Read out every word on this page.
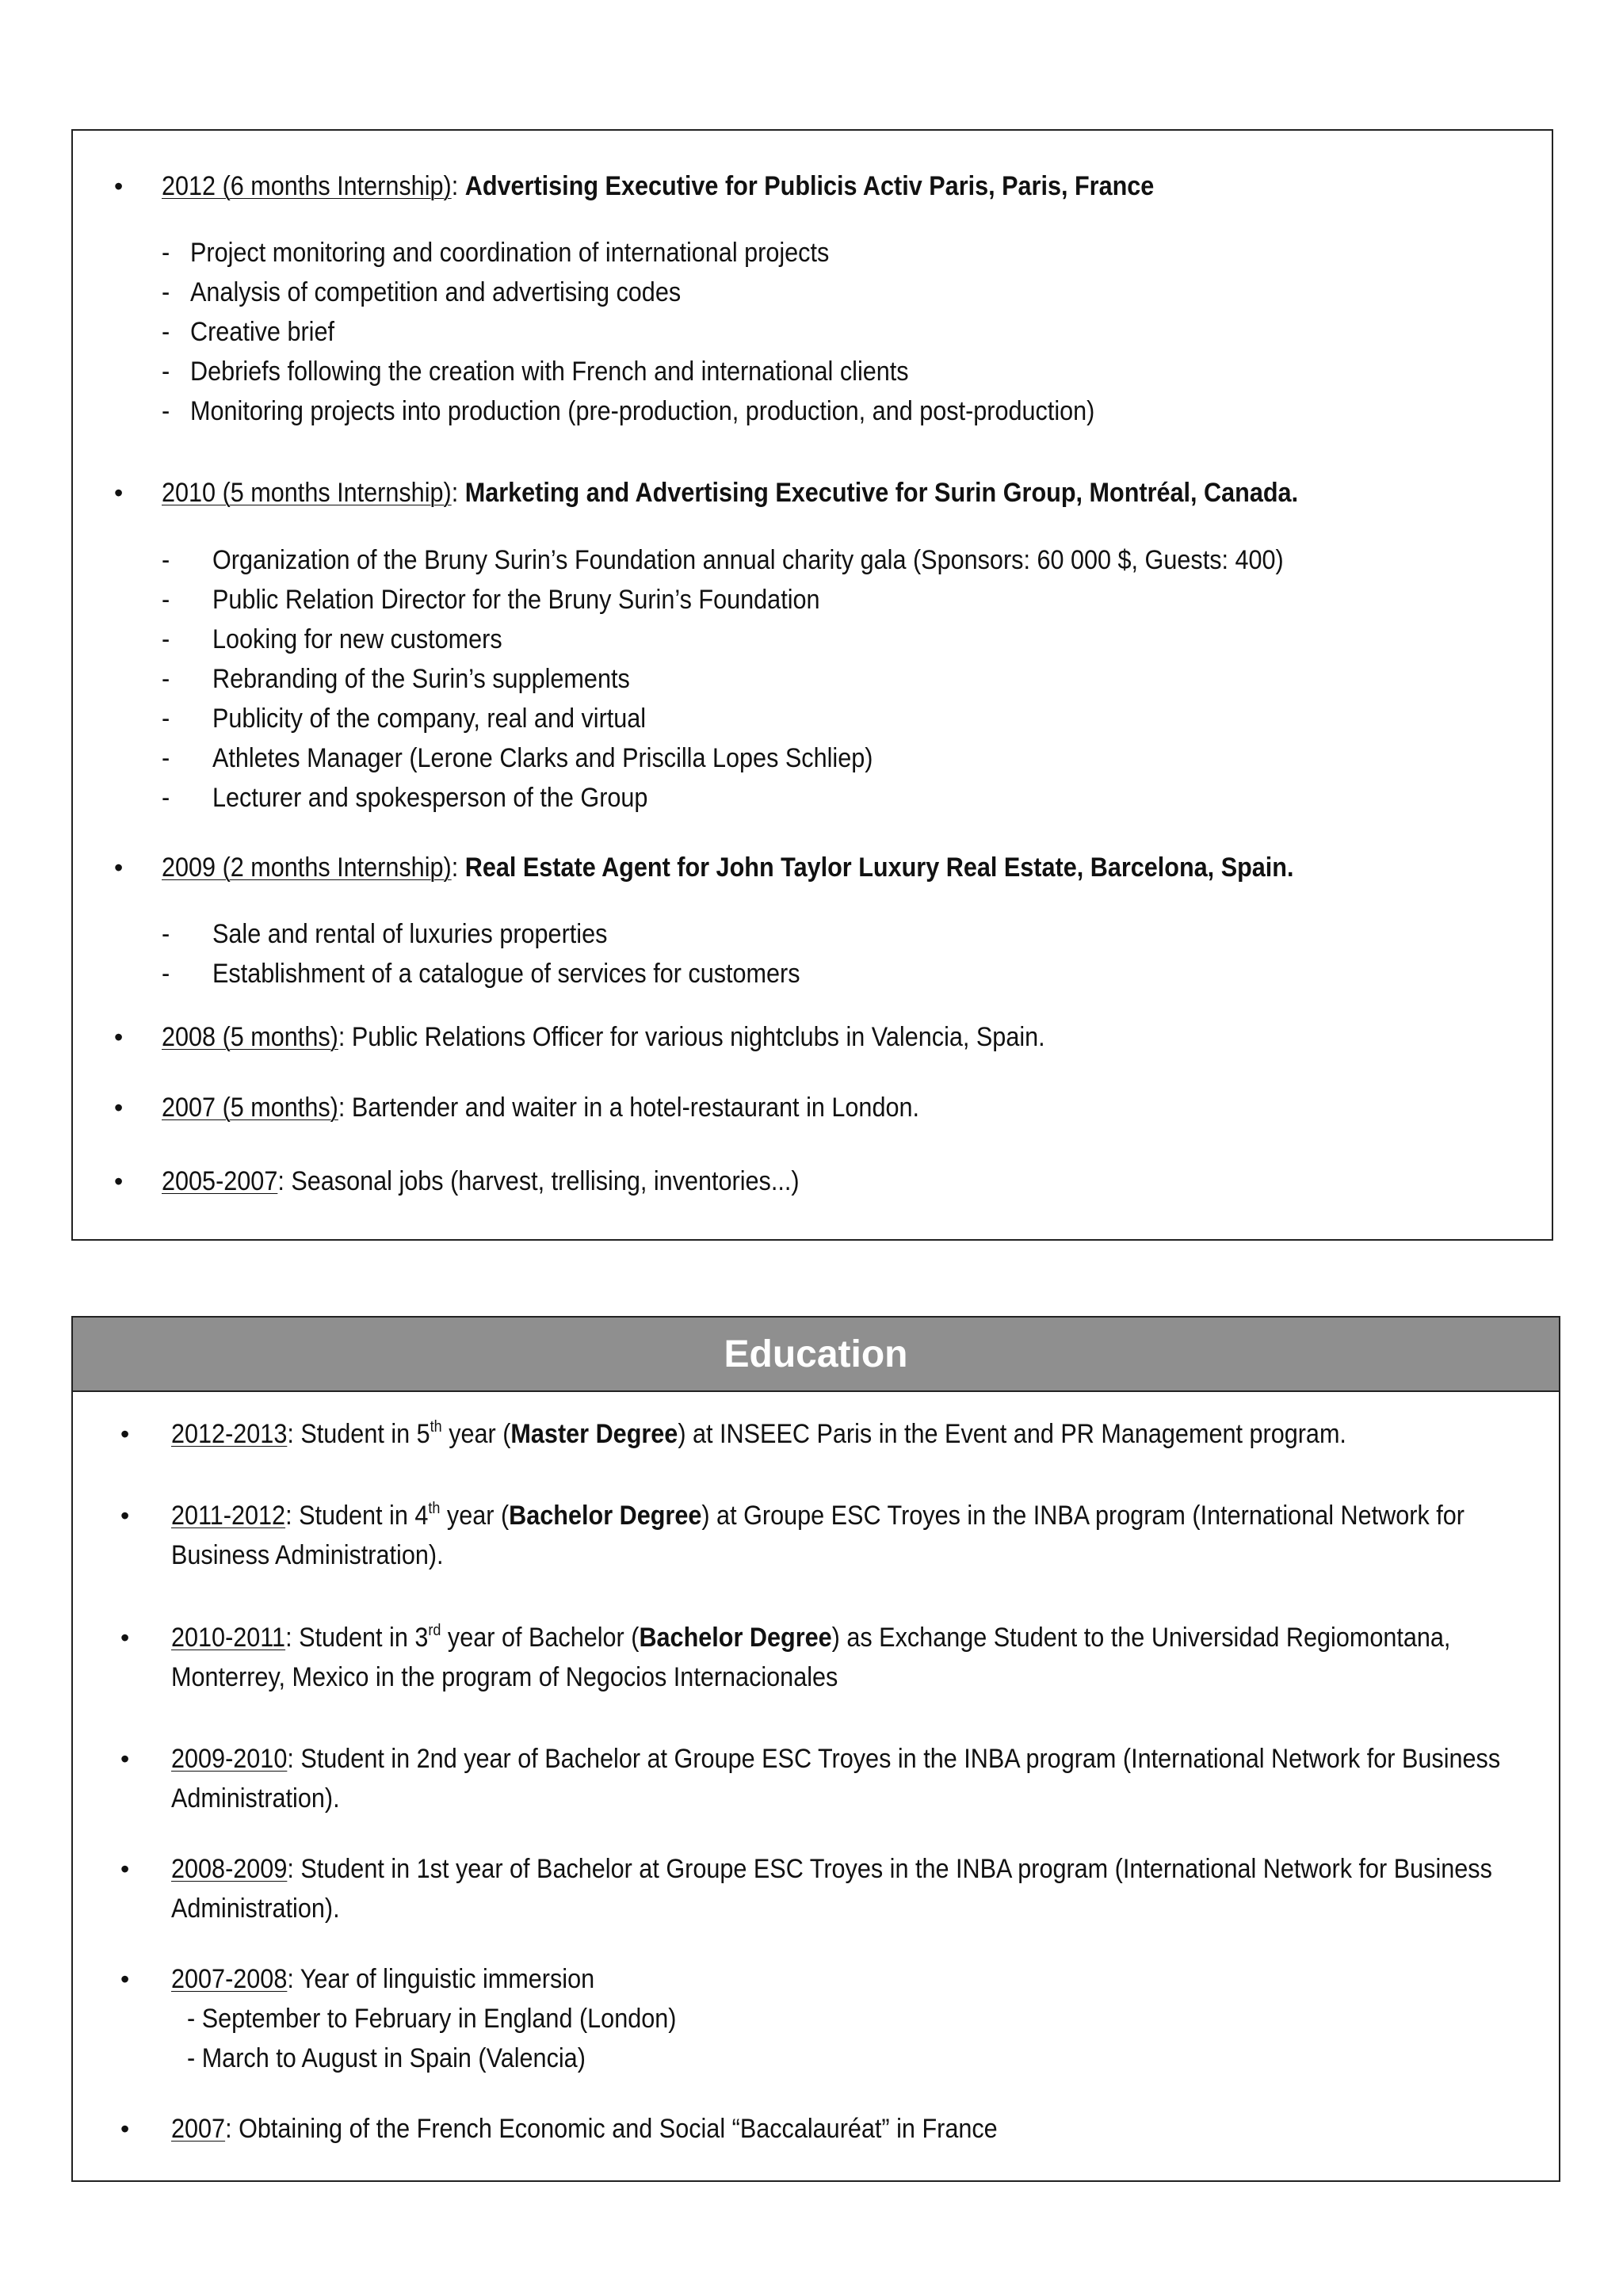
• 2012 (6 months Internship): Advertising Executive for Publicis Activ Paris, Paris, France
- Project monitoring and coordination of international projects
- Analysis of competition and advertising codes
- Creative brief
- Debriefs following the creation with French and international clients
- Monitoring projects into production (pre-production, production, and post-production)
• 2010 (5 months Internship): Marketing and Advertising Executive for Surin Group, Montréal, Canada.
- Organization of the Bruny Surin’s Foundation annual charity gala (Sponsors: 60 000 $, Guests: 400)
- Public Relation Director for the Bruny Surin’s Foundation
- Looking for new customers
- Rebranding of the Surin’s supplements
- Publicity of the company, real and virtual
- Athletes Manager (Lerone Clarks and Priscilla Lopes Schliep)
- Lecturer and spokesperson of the Group
• 2009 (2 months Internship): Real Estate Agent for John Taylor Luxury Real Estate, Barcelona, Spain.
- Sale and rental of luxuries properties
- Establishment of a catalogue of services for customers
• 2008 (5 months): Public Relations Officer for various nightclubs in Valencia, Spain.
• 2007 (5 months): Bartender and waiter in a hotel-restaurant in London.
• 2005-2007: Seasonal jobs (harvest, trellising, inventories...)
Education
• 2012-2013: Student in 5th year (Master Degree) at INSEEC Paris in the Event and PR Management program.
• 2011-2012: Student in 4th year (Bachelor Degree) at Groupe ESC Troyes in the INBA program (International Network for
Business Administration).
• 2010-2011: Student in 3rd year of Bachelor (Bachelor Degree) as Exchange Student to the Universidad Regiomontana,
Monterrey, Mexico in the program of Negocios Internacionales
• 2009-2010: Student in 2nd year of Bachelor at Groupe ESC Troyes in the INBA program (International Network for Business
Administration).
• 2008-2009: Student in 1st year of Bachelor at Groupe ESC Troyes in the INBA program (International Network for Business
Administration).
• 2007-2008: Year of linguistic immersion
- September to February in England (London)
- March to August in Spain (Valencia)
• 2007: Obtaining of the French Economic and Social “Baccalauréat” in France
